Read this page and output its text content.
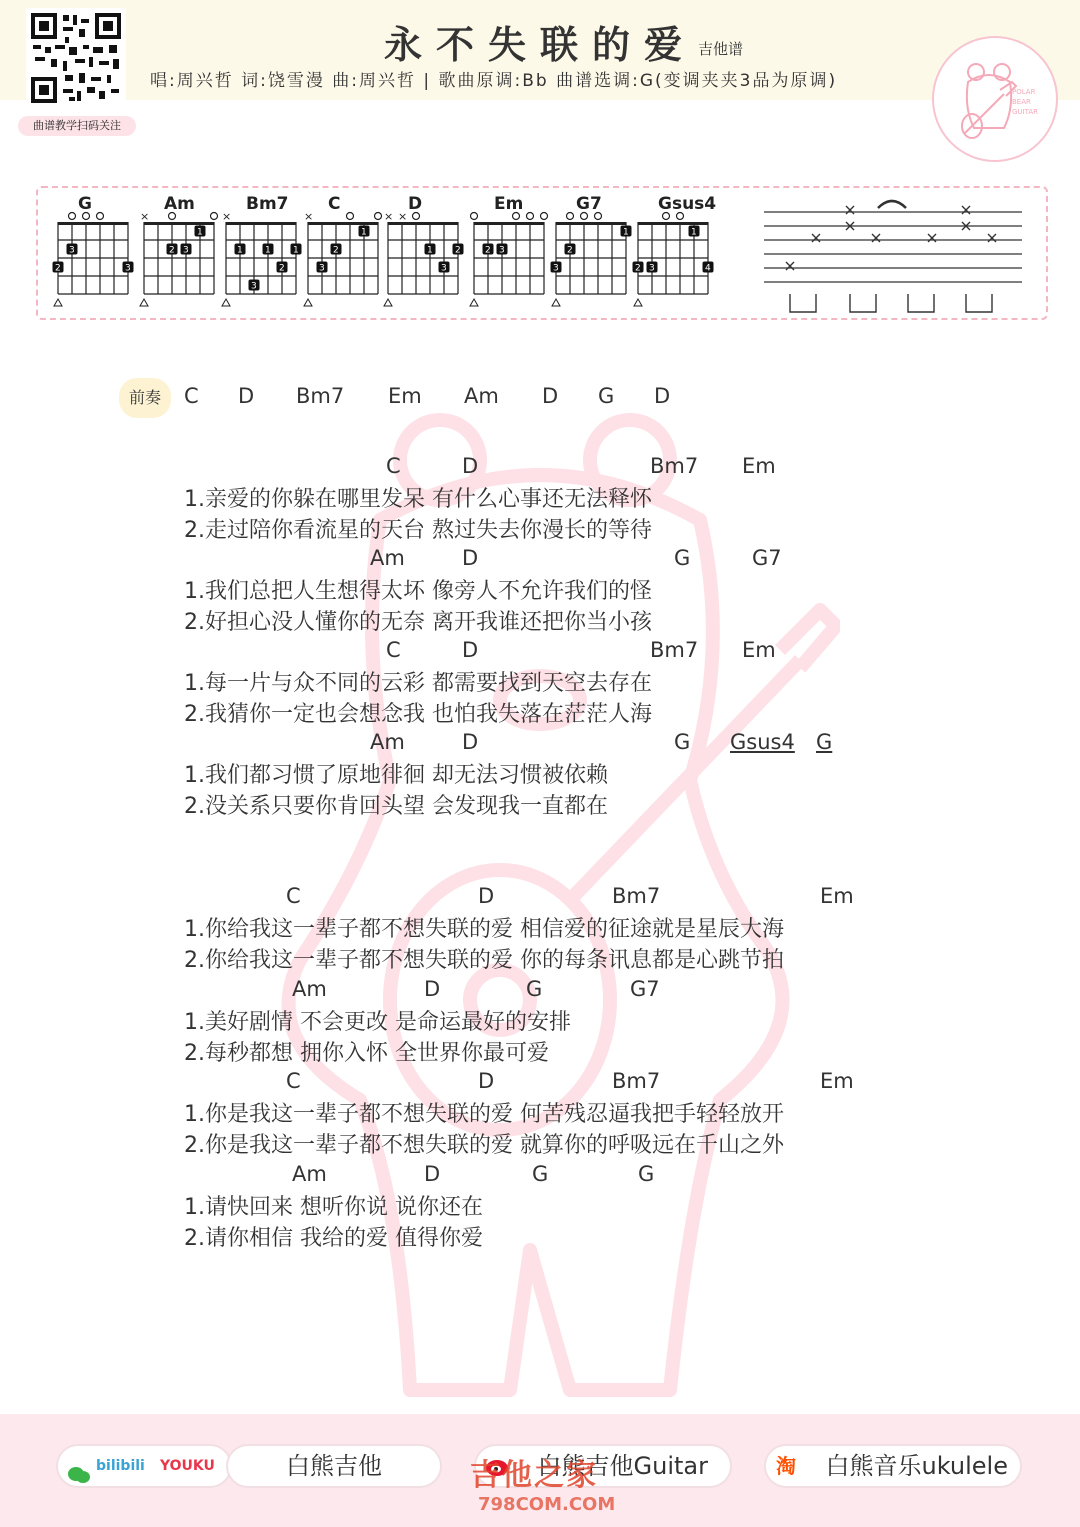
曲谱教学扫码关注
永不失联的爱 吉他谱
唱:周兴哲 词:饶雪漫 曲:周兴哲 | 歌曲原调:Bb 曲谱选调:G(变调夹夹3品为原调)
POLAR
BEAR
GUITAR
G
3
2	3
Am
×
1
2 3
Bm7
×
1 1 1
2
3
C
×
1
2
3
D
× ×
1 2
3
Em
2 3
G7
1
2
3
Gsus4
1
2 3	4
前奏	C D Bm7 Em Am D G D
C	D	Bm7 Em
1.亲爱的你躲在哪里发呆 有什么心事还无法释怀
2.走过陪你看流星的天台 熬过失去你漫长的等待
Am	D	G	G7
1.我们总把人生想得太坏 像旁人不允许我们的怪
2.好担心没人懂你的无奈 离开我谁还把你当小孩
C	D	Bm7 Em
1.每一片与众不同的云彩 都需要找到天空去存在
2.我猜你一定也会想念我 也怕我失落在茫茫人海
Am	D	G Gsus4 G
1.我们都习惯了原地徘徊 却无法习惯被依赖
2.没关系只要你肯回头望 会发现我一直都在
C	D	Bm7	Em
1.你给我这一辈子都不想失联的爱 相信爱的征途就是星辰大海
2.你给我这一辈子都不想失联的爱 你的每条讯息都是心跳节拍
Am	D	G	G7
1.美好剧情 不会更改 是命运最好的安排
2.每秒都想 拥你入怀 全世界你最可爱
C	D	Bm7	Em
1.你是我这一辈子都不想失联的爱 何苦残忍逼我把手轻轻放开
2.你是我这一辈子都不想失联的爱 就算你的呼吸远在千山之外
Am	D	G	G
1.请快回来 想听你说 说你还在
2.请你相信 我给的爱 值得你爱
bilibili YOUKU	白熊吉他	白熊吉他Guitar	淘 白熊音乐ukulele
吉他之家
798COM.COM
